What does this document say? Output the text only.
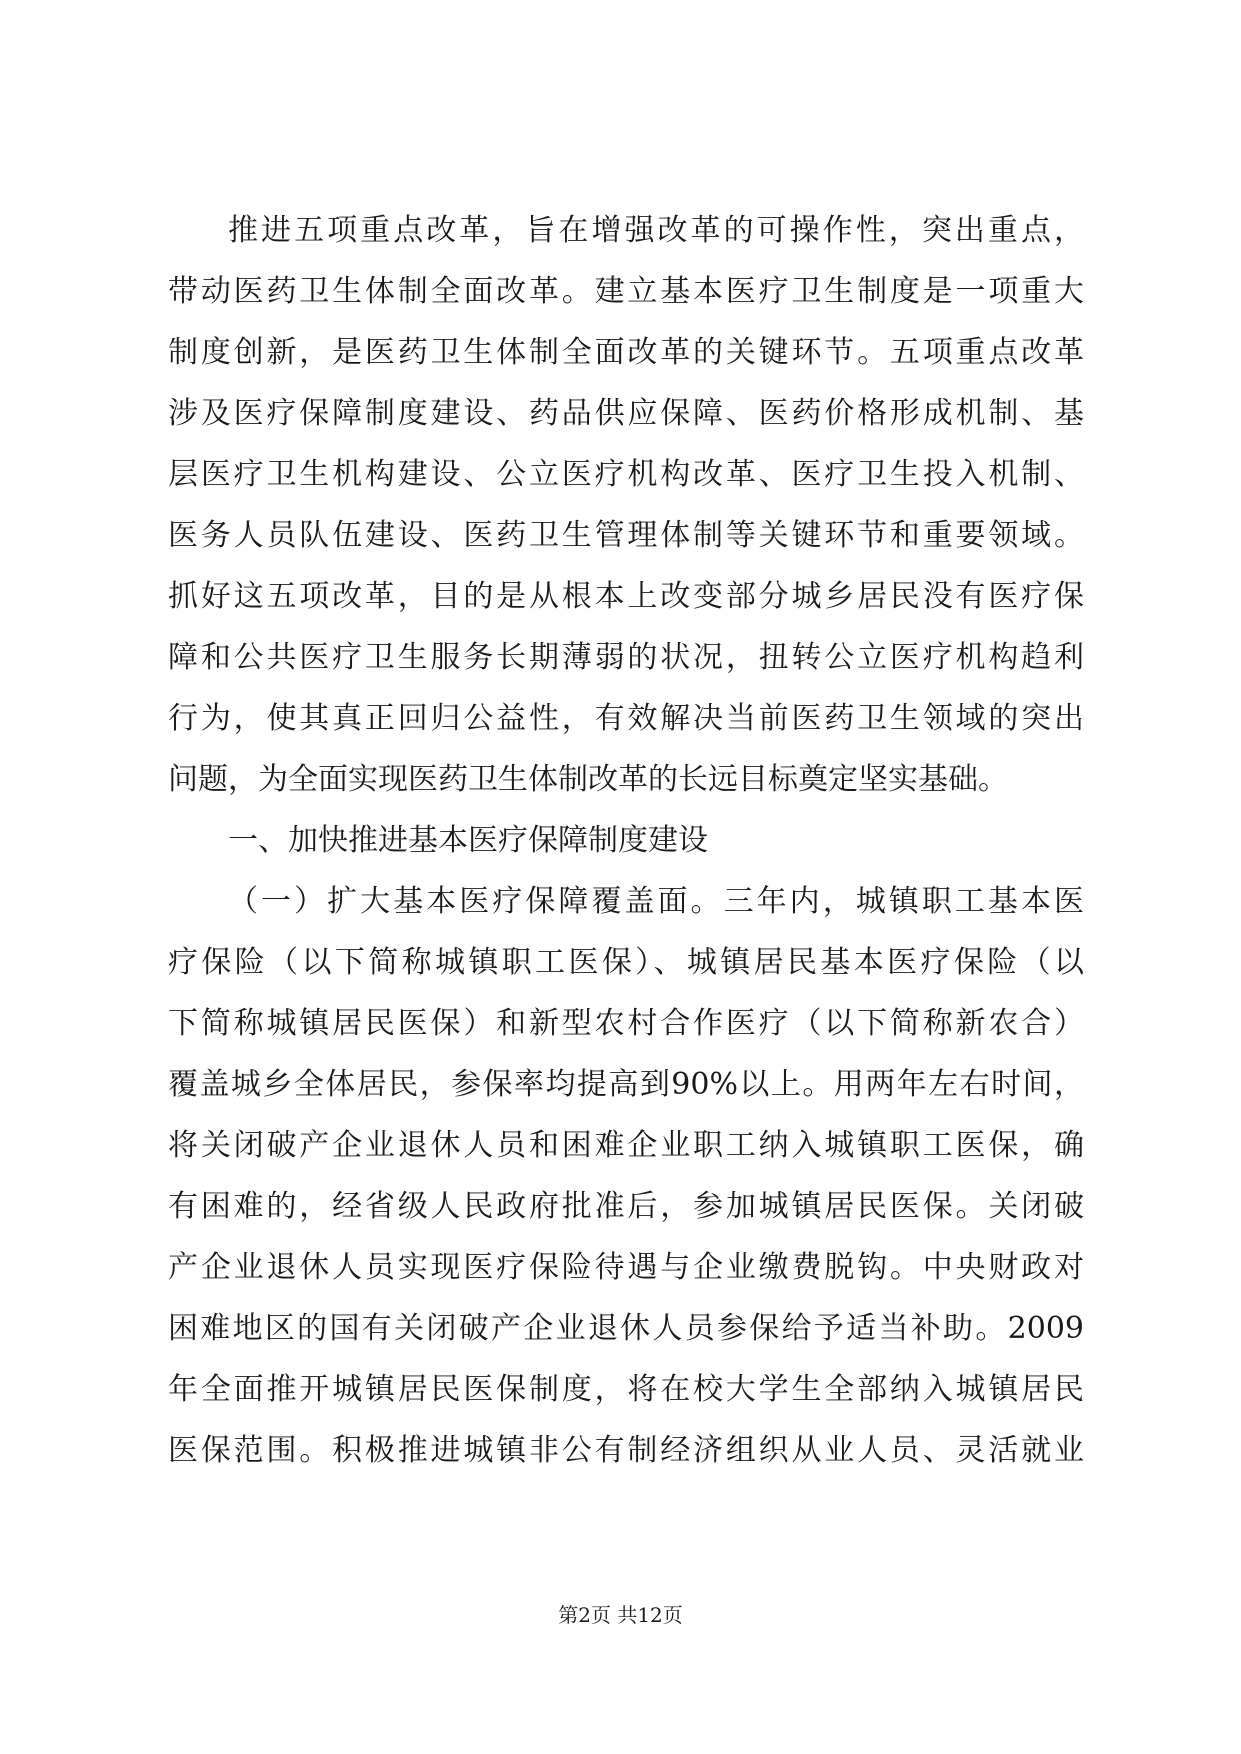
推进五项重点改革，旨在增强改革的可操作性，突出重点，
带动医药卫生体制全面改革。建立基本医疗卫生制度是一项重大
制度创新，是医药卫生体制全面改革的关键环节。五项重点改革
涉及医疗保障制度建设、药品供应保障、医药价格形成机制、基
层医疗卫生机构建设、公立医疗机构改革、医疗卫生投入机制、
医务人员队伍建设、医药卫生管理体制等关键环节和重要领域。
抓好这五项改革，目的是从根本上改变部分城乡居民没有医疗保
障和公共医疗卫生服务长期薄弱的状况，扭转公立医疗机构趋利
行为，使其真正回归公益性，有效解决当前医药卫生领域的突出
问题，为全面实现医药卫生体制改革的长远目标奠定坚实基础。
一、加快推进基本医疗保障制度建设
（一）扩大基本医疗保障覆盖面。三年内，城镇职工基本医
疗保险（以下简称城镇职工医保）、城镇居民基本医疗保险（以
下简称城镇居民医保）和新型农村合作医疗（以下简称新农合）
覆盖城乡全体居民，参保率均提高到90%以上。用两年左右时间，
将关闭破产企业退休人员和困难企业职工纳入城镇职工医保，确
有困难的，经省级人民政府批准后，参加城镇居民医保。关闭破
产企业退休人员实现医疗保险待遇与企业缴费脱钩。中央财政对
困难地区的国有关闭破产企业退休人员参保给予适当补助。2009
年全面推开城镇居民医保制度，将在校大学生全部纳入城镇居民
医保范围。积极推进城镇非公有制经济组织从业人员、灵活就业
第2页 共12页
